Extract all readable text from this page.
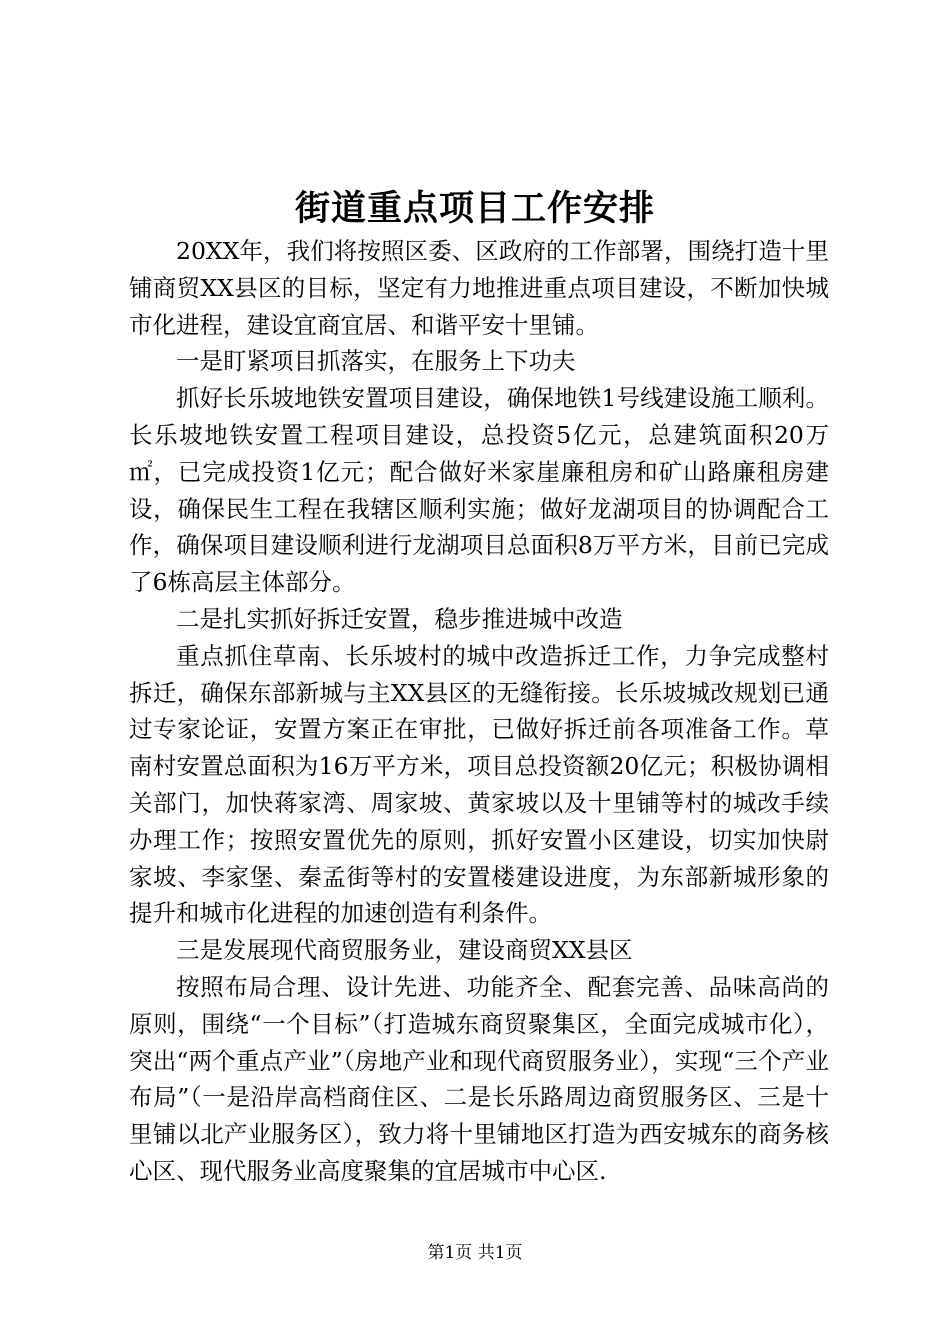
街道重点项目工作安排

20XX年，我们将按照区委、区政府的工作部署，围绕打造十里铺商贸XX县区的目标，坚定有力地推进重点项目建设，不断加快城市化进程，建设宜商宜居、和谐平安十里铺。

一是盯紧项目抓落实，在服务上下功夫

抓好长乐坡地铁安置项目建设，确保地铁1号线建设施工顺利。长乐坡地铁安置工程项目建设，总投资5亿元，总建筑面积20万㎡，已完成投资1亿元；配合做好米家崖廉租房和矿山路廉租房建设，确保民生工程在我辖区顺利实施；做好龙湖项目的协调配合工作，确保项目建设顺利进行龙湖项目总面积8万平方米，目前已完成了6栋高层主体部分。

二是扎实抓好拆迁安置，稳步推进城中改造

重点抓住草南、长乐坡村的城中改造拆迁工作，力争完成整村拆迁，确保东部新城与主XX县区的无缝衔接。长乐坡城改规划已通过专家论证，安置方案正在审批，已做好拆迁前各项准备工作。草南村安置总面积为16万平方米，项目总投资额20亿元；积极协调相关部门，加快蒋家湾、周家坡、黄家坡以及十里铺等村的城改手续办理工作；按照安置优先的原则，抓好安置小区建设，切实加快尉家坡、李家堡、秦孟街等村的安置楼建设进度，为东部新城形象的提升和城市化进程的加速创造有利条件。

三是发展现代商贸服务业，建设商贸XX县区

按照布局合理、设计先进、功能齐全、配套完善、品味高尚的原则，围绕“一个目标”（打造城东商贸聚集区，全面完成城市化），突出“两个重点产业”（房地产业和现代商贸服务业），实现“三个产业布局”（一是沿岸高档商住区、二是长乐路周边商贸服务区、三是十里铺以北产业服务区），致力将十里铺地区打造为西安城东的商务核心区、现代服务业高度聚集的宜居城市中心区.

第1页 共1页
